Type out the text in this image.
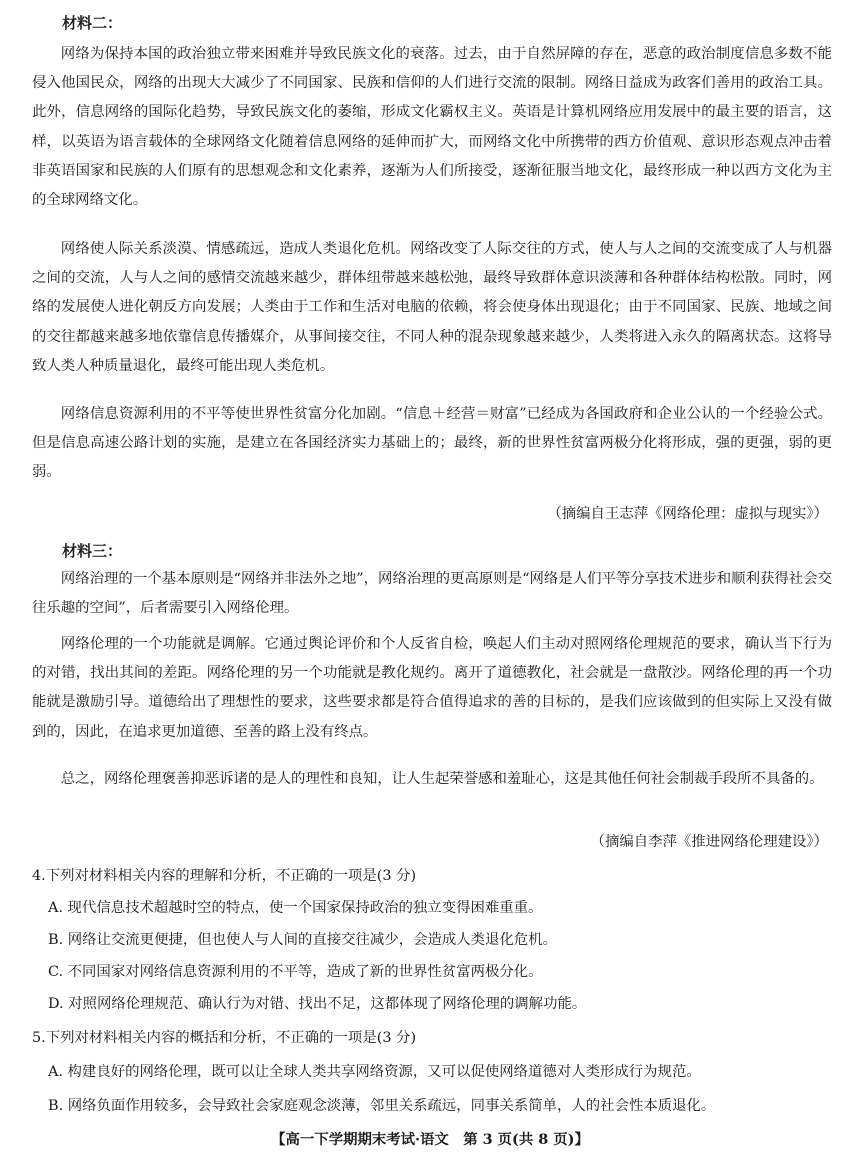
材料二：

网络为保持本国的政治独立带来困难并导致民族文化的衰落。过去，由于自然屏障的存在，恶意的政治制度信息多数不能侵入他国民众，网络的出现大大减少了不同国家、民族和信仰的人们进行交流的限制。网络日益成为政客们善用的政治工具。此外，信息网络的国际化趋势，导致民族文化的萎缩，形成文化霸权主义。英语是计算机网络应用发展中的最主要的语言，这样，以英语为语言载体的全球网络文化随着信息网络的延伸而扩大，而网络文化中所携带的西方价值观、意识形态观点冲击着非英语国家和民族的人们原有的思想观念和文化素养，逐渐为人们所接受，逐渐征服当地文化，最终形成一种以西方文化为主的全球网络文化。

网络使人际关系淡漠、情感疏远，造成人类退化危机。网络改变了人际交往的方式，使人与人之间的交流变成了人与机器之间的交流，人与人之间的感情交流越来越少，群体纽带越来越松弛，最终导致群体意识淡薄和各种群体结构松散。同时，网络的发展使人进化朝反方向发展；人类由于工作和生活对电脑的依赖，将会使身体出现退化；由于不同国家、民族、地域之间的交往都越来越多地依靠信息传播媒介，从事间接交往，不同人种的混杂现象越来越少，人类将进入永久的隔离状态。这将导致人类人种质量退化，最终可能出现人类危机。

网络信息资源利用的不平等使世界性贫富分化加剧。“信息＋经营＝财富”已经成为各国政府和企业公认的一个经验公式。但是信息高速公路计划的实施，是建立在各国经济实力基础上的；最终，新的世界性贫富两极分化将形成，强的更强，弱的更弱。

（摘编自王志萍《网络伦理：虚拟与现实》）
材料三：

网络治理的一个基本原则是“网络并非法外之地”，网络治理的更高原则是“网络是人们平等分享技术进步和顺利获得社会交往乐趣的空间”，后者需要引入网络伦理。

网络伦理的一个功能就是调解。它通过舆论评价和个人反省自检，唤起人们主动对照网络伦理规范的要求，确认当下行为的对错，找出其间的差距。网络伦理的另一个功能就是教化规约。离开了道德教化，社会就是一盘散沙。网络伦理的再一个功能就是激励引导。道德给出了理想性的要求，这些要求都是符合值得追求的善的目标的，是我们应该做到的但实际上又没有做到的，因此，在追求更加道德、至善的路上没有终点。

总之，网络伦理褒善抑恶诉诸的是人的理性和良知，让人生起荣誉感和羞耻心，这是其他任何社会制裁手段所不具备的。

（摘编自李萍《推进网络伦理建设》）
4.下列对材料相关内容的理解和分析，不正确的一项是(3 分)
A. 现代信息技术超越时空的特点，使一个国家保持政治的独立变得困难重重。
B. 网络让交流更便捷，但也使人与人间的直接交往减少，会造成人类退化危机。
C. 不同国家对网络信息资源利用的不平等，造成了新的世界性贫富两极分化。
D. 对照网络伦理规范、确认行为对错、找出不足，这都体现了网络伦理的调解功能。
5.下列对材料相关内容的概括和分析，不正确的一项是(3 分)
A. 构建良好的网络伦理，既可以让全球人类共享网络资源，又可以促使网络道德对人类形成行为规范。
B. 网络负面作用较多，会导致社会家庭观念淡薄，邻里关系疏远，同事关系简单，人的社会性本质退化。
【高一下学期期末考试·语文　第 3 页(共 8 页)】
